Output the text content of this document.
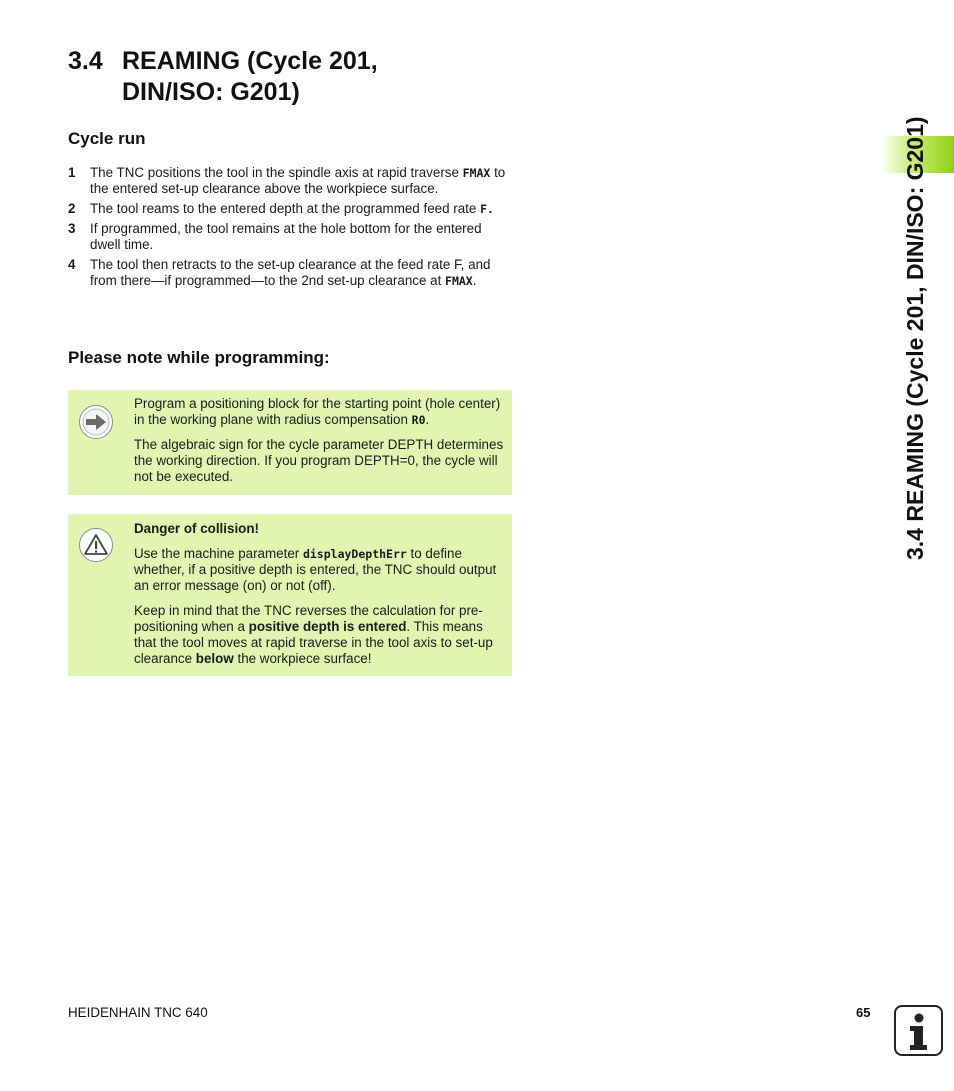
3.4 REAMING (Cycle 201,
DIN/ISO: G201)
Cycle run
1	The TNC positions the tool in the spindle axis at rapid traverse FMAX to the entered set-up clearance above the workpiece surface.
2	The tool reams to the entered depth at the programmed feed rate F.
3	If programmed, the tool remains at the hole bottom for the entered dwell time.
4	The tool then retracts to the set-up clearance at the feed rate F, and from there—if programmed—to the 2nd set-up clearance at FMAX.
Please note while programming:

Program a positioning block for the starting point (hole center) in the working plane with radius compensation R0.

The algebraic sign for the cycle parameter DEPTH determines the working direction. If you program DEPTH=0, the cycle will not be executed.

Danger of collision!

Use the machine parameter displayDepthErr to define whether, if a positive depth is entered, the TNC should output an error message (on) or not (off).

Keep in mind that the TNC reverses the calculation for pre-positioning when a positive depth is entered. This means that the tool moves at rapid traverse in the tool axis to set-up clearance below the workpiece surface!

3.4 REAMING (Cycle 201, DIN/ISO: G201)
HEIDENHAIN TNC 640	65
